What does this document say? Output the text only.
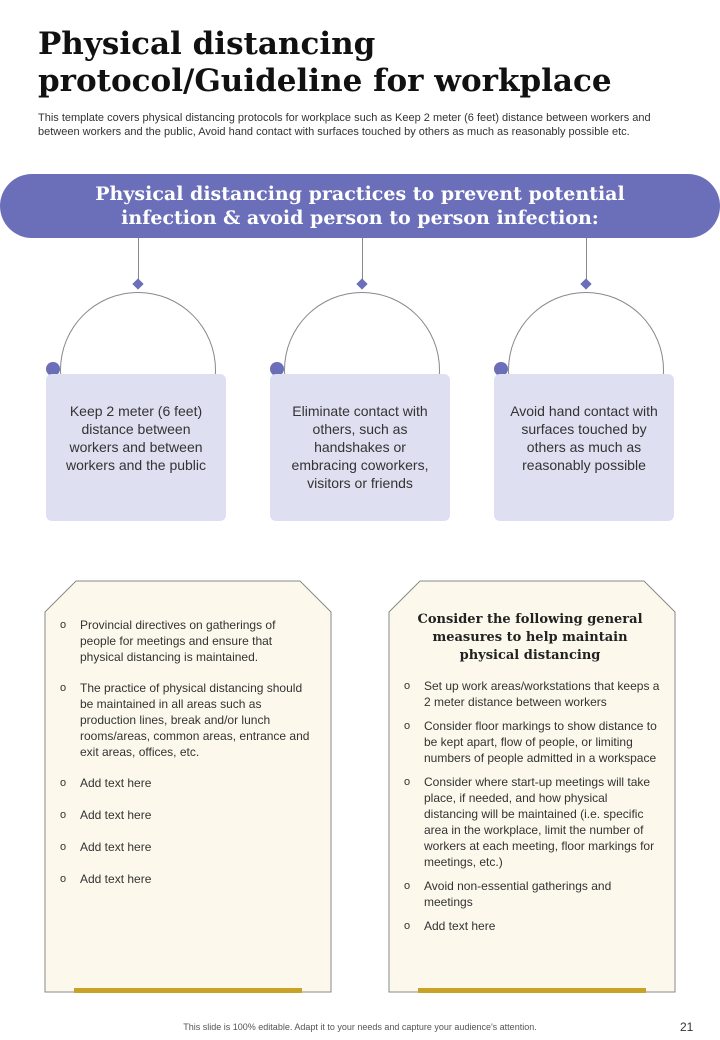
Physical distancing protocol/Guideline for workplace
This template covers physical distancing protocols for workplace such as Keep 2 meter (6 feet) distance between workers and between workers and the public, Avoid hand contact with surfaces touched by others as much as reasonably possible etc.
Physical distancing practices to prevent potential infection & avoid person to person infection:
Keep 2 meter (6 feet) distance between workers and between workers and the public
Eliminate contact with others, such as handshakes or embracing coworkers, visitors or friends
Avoid hand contact with surfaces touched by others as much as reasonably possible
o Provincial directives on gatherings of people for meetings and ensure that physical distancing is maintained.
o The practice of physical distancing should be maintained in all areas such as production lines, break and/or lunch rooms/areas, common areas, entrance and exit areas, offices, etc.
o Add text here
o Add text here
o Add text here
o Add text here
Consider the following general measures to help maintain physical distancing
o Set up work areas/workstations that keeps a 2 meter distance between workers
o Consider floor markings to show distance to be kept apart, flow of people, or limiting numbers of people admitted in a workspace
o Consider where start-up meetings will take place, if needed, and how physical distancing will be maintained (i.e. specific area in the workplace, limit the number of workers at each meeting, floor markings for meetings, etc.)
o Avoid non-essential gatherings and meetings
o Add text here
This slide is 100% editable. Adapt it to your needs and capture your audience's attention.	21
